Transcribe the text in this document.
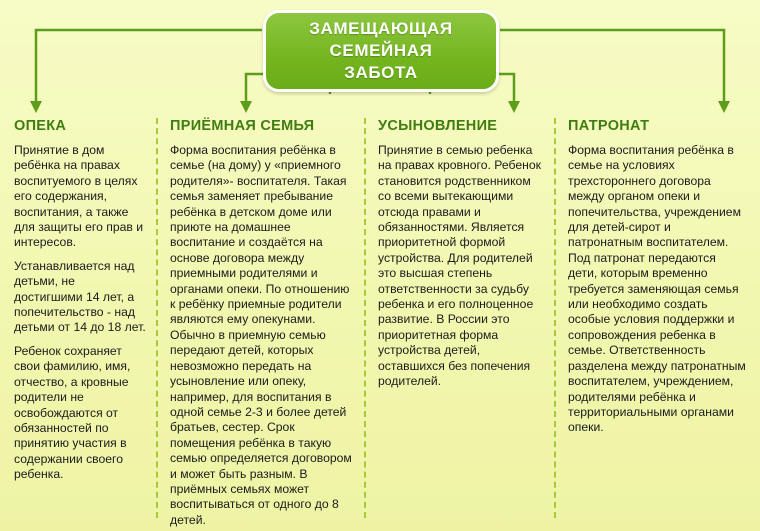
ЗАМЕЩАЮЩАЯ
СЕМЕЙНАЯ
ЗАБОТА
ОПЕКА

Принятие в дом ребёнка на правах воспитуемого в целях его содержания, воспитания, а также для защиты его прав и интересов.

Устанавливается над детьми, не достигшими 14 лет, а попечительство - над детьми от 14 до 18 лет.

Ребенок сохраняет свои фамилию, имя, отчество, а кровные родители не освобождаются от обязанностей по принятию участия в содержании своего ребенка.

ПРИЁМНАЯ СЕМЬЯ

Форма воспитания ребёнка в семье (на дому) у «приемного родителя»- воспитателя. Такая семья заменяет пребывание ребёнка в детском доме или приюте на домашнее воспитание и создаётся на основе договора между приемными родителями и органами опеки. По отношению к ребёнку приемные родители являются ему опекунами. Обычно в приемную семью передают детей, которых невозможно передать на усыновление или опеку, например, для воспитания в одной семье 2-3 и более детей братьев, сестер. Срок помещения ребёнка в такую семью определяется договором и может быть разным. В приёмных семьях может воспитываться от одного до 8 детей.

УСЫНОВЛЕНИЕ

Принятие в семью ребенка на правах кровного. Ребенок становится родственником со всеми вытекающими отсюда правами и обязанностями. Является приоритетной формой устройства. Для родителей это высшая степень ответственности за судьбу ребенка и его полноценное развитие. В России это приоритетная форма устройства детей, оставшихся без попечения родителей.

ПАТРОНАТ

Форма воспитания ребёнка в семье на условиях трехстороннего договора между органом опеки и попечительства, учреждением для детей-сирот и патронатным воспитателем. Под патронат передаются дети, которым временно требуется заменяющая семья или необходимо создать особые условия поддержки и сопровождения ребенка в семье. Ответственность разделена между патронатным воспитателем, учреждением, родителями ребёнка и территориальными органами опеки.
